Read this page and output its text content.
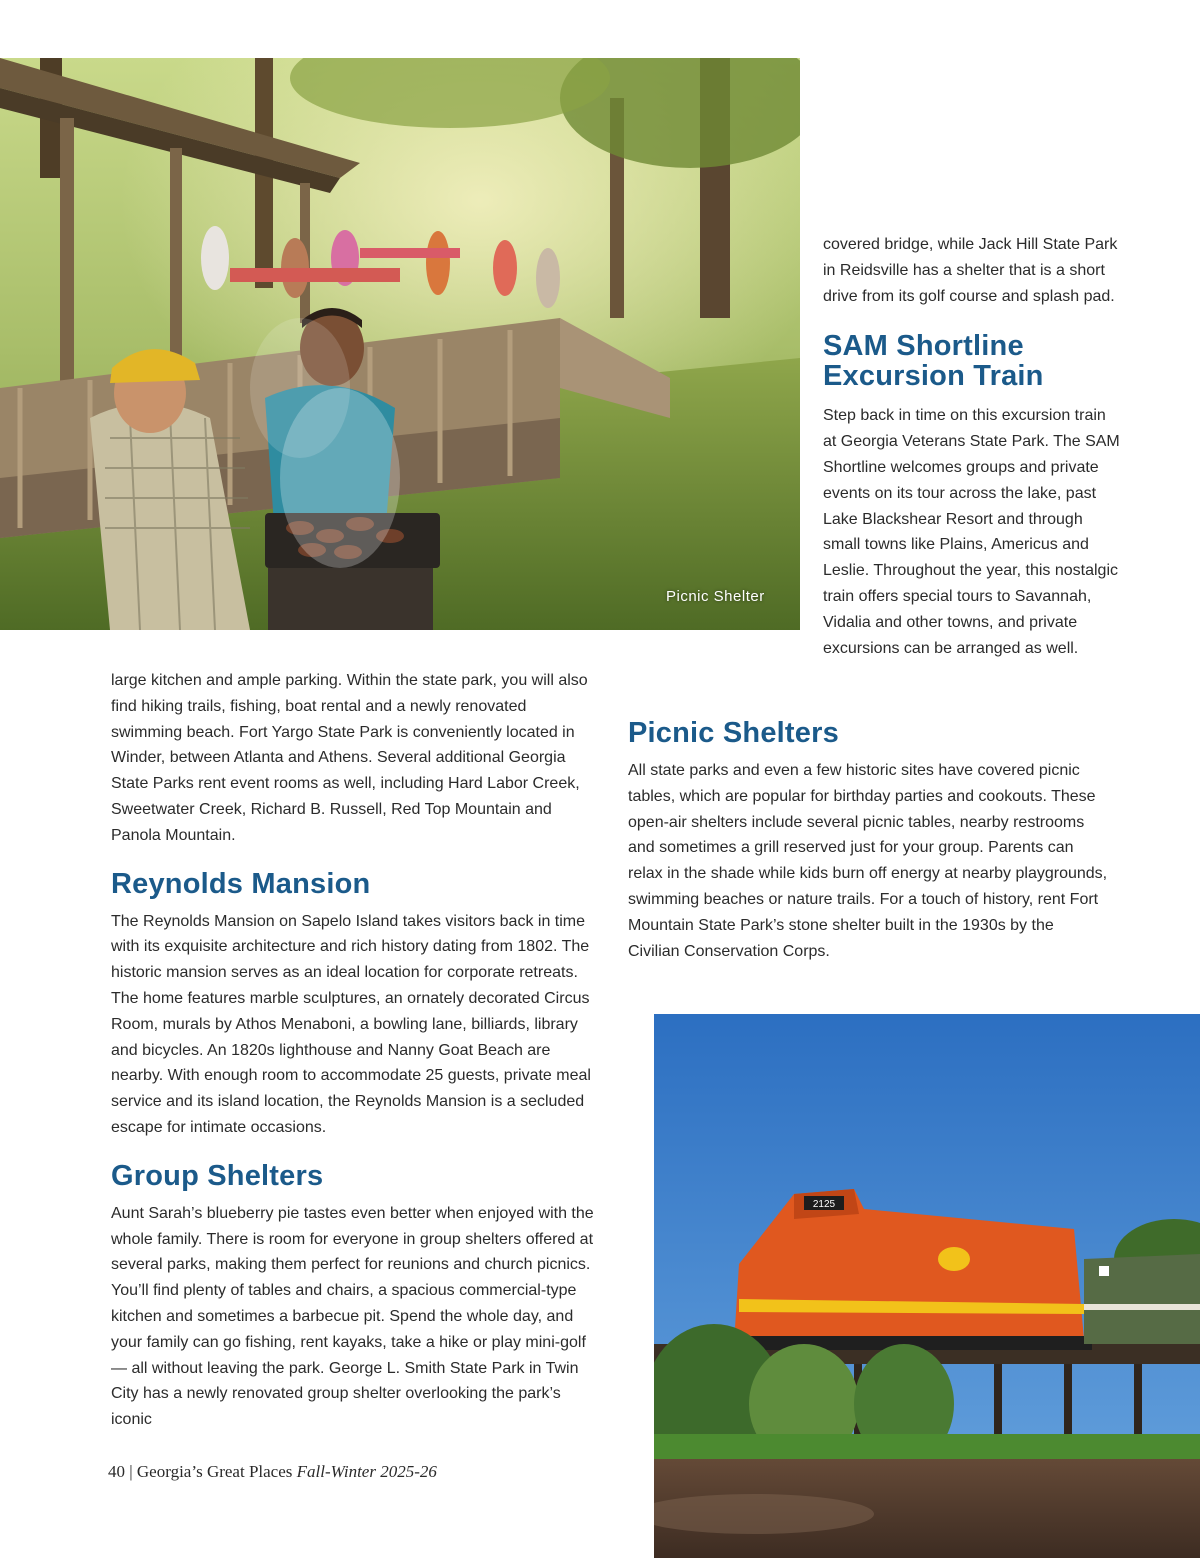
Picnic Shelter

covered bridge, while Jack Hill State Park in Reidsville has a shelter that is a short drive from its golf course and splash pad.

SAM Shortline Excursion Train

Step back in time on this excursion train at Georgia Veterans State Park. The SAM Shortline welcomes groups and private events on its tour across the lake, past Lake Blackshear Resort and through small towns like Plains, Americus and Leslie. Throughout the year, this nostalgic train offers special tours to Savannah, Vidalia and other towns, and private excursions can be arranged as well.

large kitchen and ample parking. Within the state park, you will also find hiking trails, fishing, boat rental and a newly renovated swimming beach. Fort Yargo State Park is conveniently located in Winder, between Atlanta and Athens. Several additional Georgia State Parks rent event rooms as well, including Hard Labor Creek, Sweetwater Creek, Richard B. Russell, Red Top Mountain and Panola Mountain.

Reynolds Mansion

The Reynolds Mansion on Sapelo Island takes visitors back in time with its exquisite architecture and rich history dating from 1802. The historic mansion serves as an ideal location for corporate retreats. The home features marble sculptures, an ornately decorated Circus Room, murals by Athos Menaboni, a bowling lane, billiards, library and bicycles. An 1820s lighthouse and Nanny Goat Beach are nearby. With enough room to accommodate 25 guests, private meal service and its island location, the Reynolds Mansion is a secluded escape for intimate occasions.

Group Shelters

Aunt Sarah’s blueberry pie tastes even better when enjoyed with the whole family. There is room for everyone in group shelters offered at several parks, making them perfect for reunions and church picnics. You’ll find plenty of tables and chairs, a spacious commercial-type kitchen and sometimes a barbecue pit. Spend the whole day, and your family can go fishing, rent kayaks, take a hike or play mini-golf — all without leaving the park. George L. Smith State Park in Twin City has a newly renovated group shelter overlooking the park’s iconic

Picnic Shelters

All state parks and even a few historic sites have covered picnic tables, which are popular for birthday parties and cookouts. These open-air shelters include several picnic tables, nearby restrooms and sometimes a grill reserved just for your group. Parents can relax in the shade while kids burn off energy at nearby playgrounds, swimming beaches or nature trails. For a touch of history, rent Fort Mountain State Park’s stone shelter built in the 1930s by the Civilian Conservation Corps.

2125
40 | Georgia’s Great Places Fall-Winter 2025-26
